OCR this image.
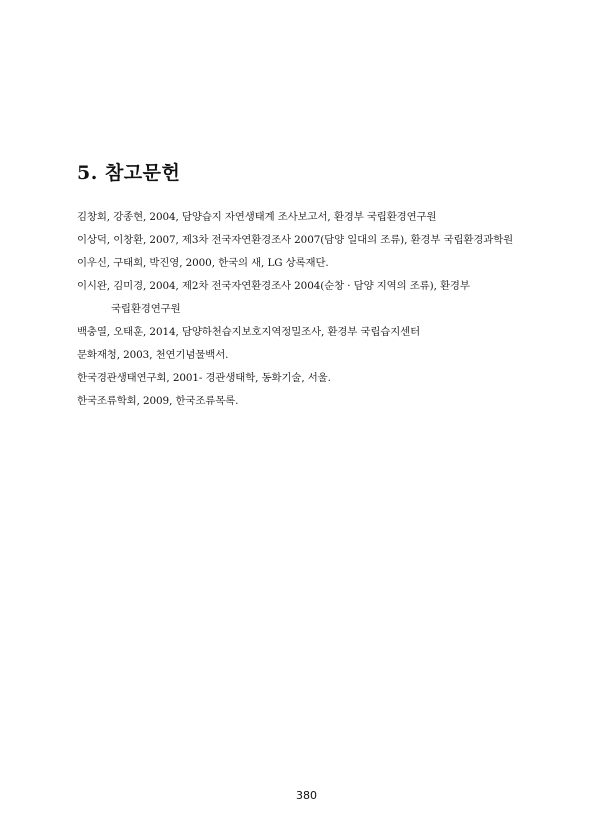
5. 참고문헌
김창회, 강종현, 2004, 담양습지 자연생태계 조사보고서, 환경부 국립환경연구원
이상덕, 이창환, 2007, 제3차 전국자연환경조사 2007(담양 일대의 조류), 환경부 국립환경과학원
이우신, 구태회, 박진영, 2000, 한국의 새, LG 상록재단.
이시완, 김미경, 2004, 제2차 전국자연환경조사 2004(순창 · 담양 지역의 조류), 환경부
국립환경연구원
백충열, 오태훈, 2014, 담양하천습지보호지역정밀조사, 환경부 국립습지센터
문화재청, 2003, 천연기념물백서.
한국경관생태연구회, 2001- 경관생태학, 동화기술, 서울.
한국조류학회, 2009, 한국조류목록.
380
